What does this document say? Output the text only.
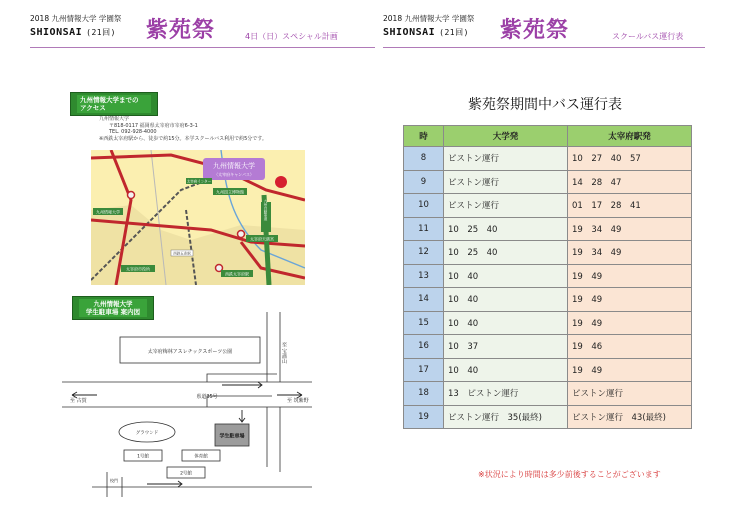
2018 九州情報大学 学園祭
SHIONSAI (21回) 紫苑祭	4日（日）スペシャル計画
2018 九州情報大学 学園祭
SHIONSAI (21回) 紫苑祭	スクールバス運行表
九州情報大学までの
アクセス
九州情報大学
〒818-0117 福岡県太宰府市宰府6-3-1
TEL. 092-928-4000
※西鉄太宰府駅から、徒歩で約15分。本学スクールバス利用で約5分です。
九州情報大学
（太宰府キャンパス）
九州国立博物館
太宰府天満宮
西鉄太宰府駅
九州自動車道
九州情報大学
太宰府市役所
西鉄五条駅
太宰府インター
九州情報大学
学生駐車場 案内図
学生駐車場
太宰府梅林アスレチックスポーツ公園
県道35号
至 古賀	至 筑紫野
至 宝満山
グラウンド
1号館	体育館
2号館
校門
紫苑祭期間中バス運行表
時	大学発	太宰府駅発
8	ピストン運行	10　27　40　57
9	ピストン運行	14　28　47
10	ピストン運行	01　17　28　41
11	10　25　40	19　34　49
12	10　25　40	19　34　49
13	10　40	19　49
14	10　40	19　49
15	10　40	19　49
16	10　37	19　46
17	10　40	19　49
18	13　ピストン運行	ピストン運行
19	ピストン運行　35(最終)	ピストン運行　43(最終)
※状況により時間は多少前後することがございます
